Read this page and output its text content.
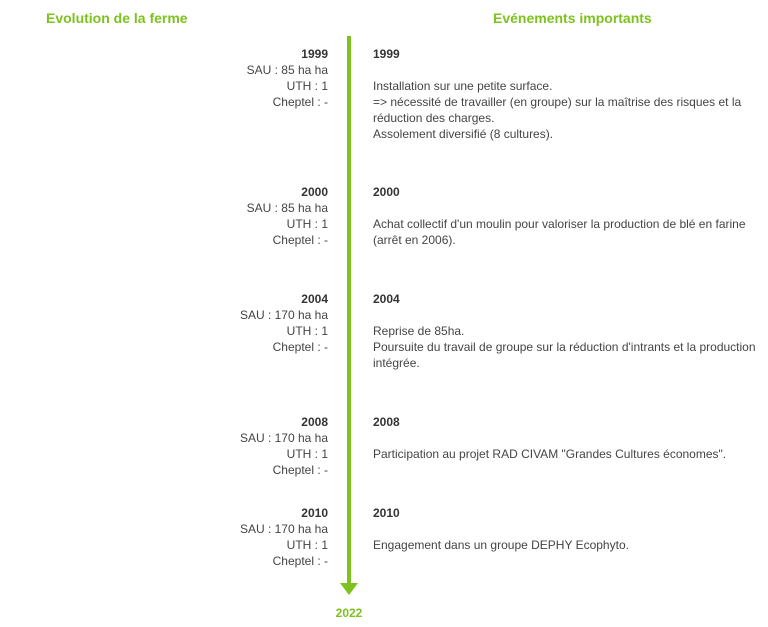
Evolution de la ferme	Evénements importants
2022
1999
SAU : 85 ha ha
UTH : 1
Cheptel : -
1999
Installation sur une petite surface.
=> nécessité de travailler (en groupe) sur la maîtrise des risques et la
réduction des charges.
Assolement diversifié (8 cultures).
2000
SAU : 85 ha ha
UTH : 1
Cheptel : -
2000
Achat collectif d'un moulin pour valoriser la production de blé en farine
(arrêt en 2006).
2004
SAU : 170 ha ha
UTH : 1
Cheptel : -
2004
Reprise de 85ha.
Poursuite du travail de groupe sur la réduction d'intrants et la production
intégrée.
2008
SAU : 170 ha ha
UTH : 1
Cheptel : -
2008
Participation au projet RAD CIVAM "Grandes Cultures économes".
2010
SAU : 170 ha ha
UTH : 1
Cheptel : -
2010
Engagement dans un groupe DEPHY Ecophyto.
